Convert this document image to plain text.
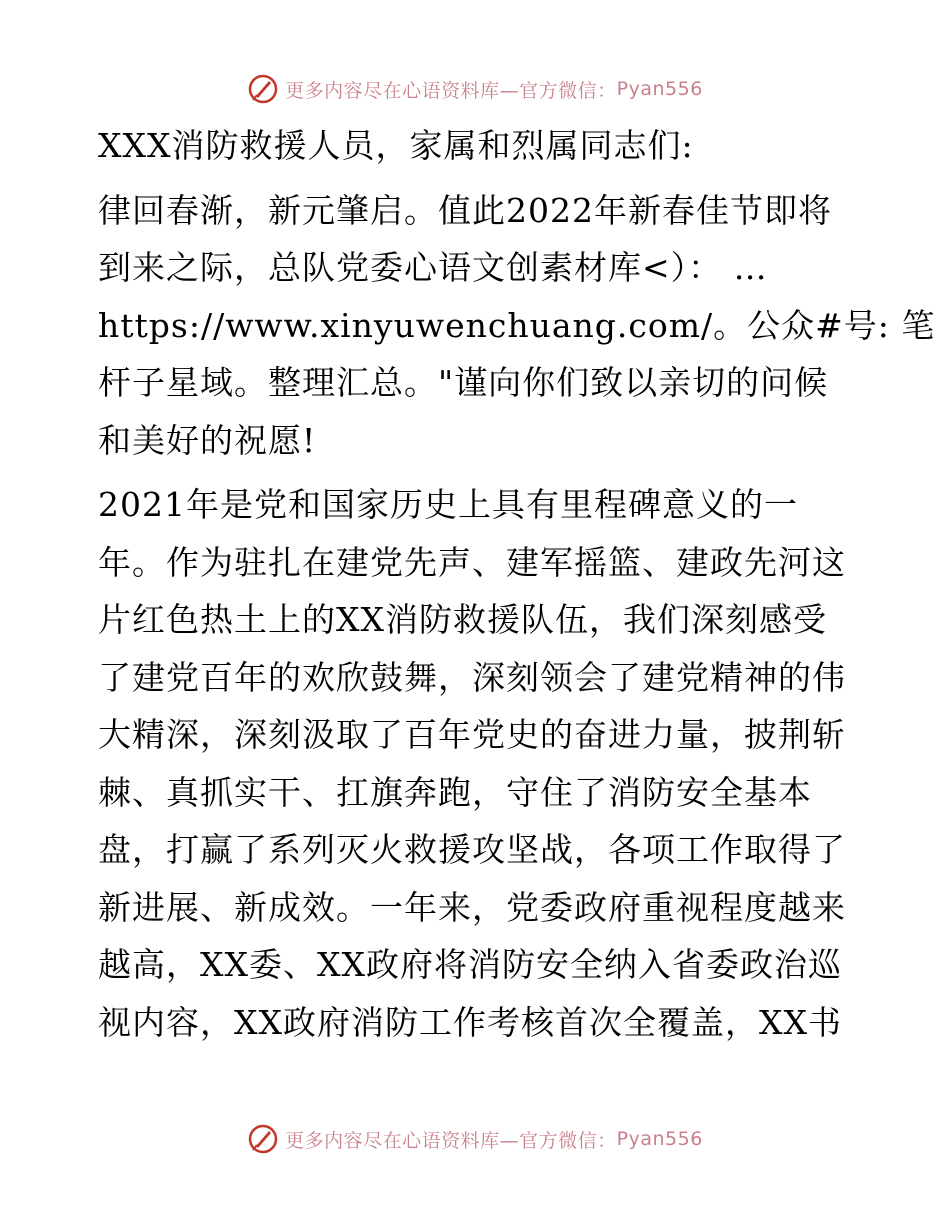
更多内容尽在心语资料库—官方微信： Pyan556
XXX消防救援人员，家属和烈属同志们:
律回春渐，新元肇启。值此2022年新春佳节即将
到来之际，总队党委心语文创素材库<）： …
https://www.xinyuwenchuang.com/。公众#号: 笔
杆子星域。整理汇总。"谨向你们致以亲切的问候
和美好的祝愿!
2021年是党和国家历史上具有里程碑意义的一
年。作为驻扎在建党先声、建军摇篮、建政先河这
片红色热土上的XX消防救援队伍，我们深刻感受
了建党百年的欢欣鼓舞，深刻领会了建党精神的伟
大精深，深刻汲取了百年党史的奋进力量，披荆斩
棘、真抓实干、扛旗奔跑，守住了消防安全基本
盘，打赢了系列灭火救援攻坚战，各项工作取得了
新进展、新成效。一年来，党委政府重视程度越来
越高，XX委、XX政府将消防安全纳入省委政治巡
视内容，XX政府消防工作考核首次全覆盖，XX书
更多内容尽在心语资料库—官方微信： Pyan556
